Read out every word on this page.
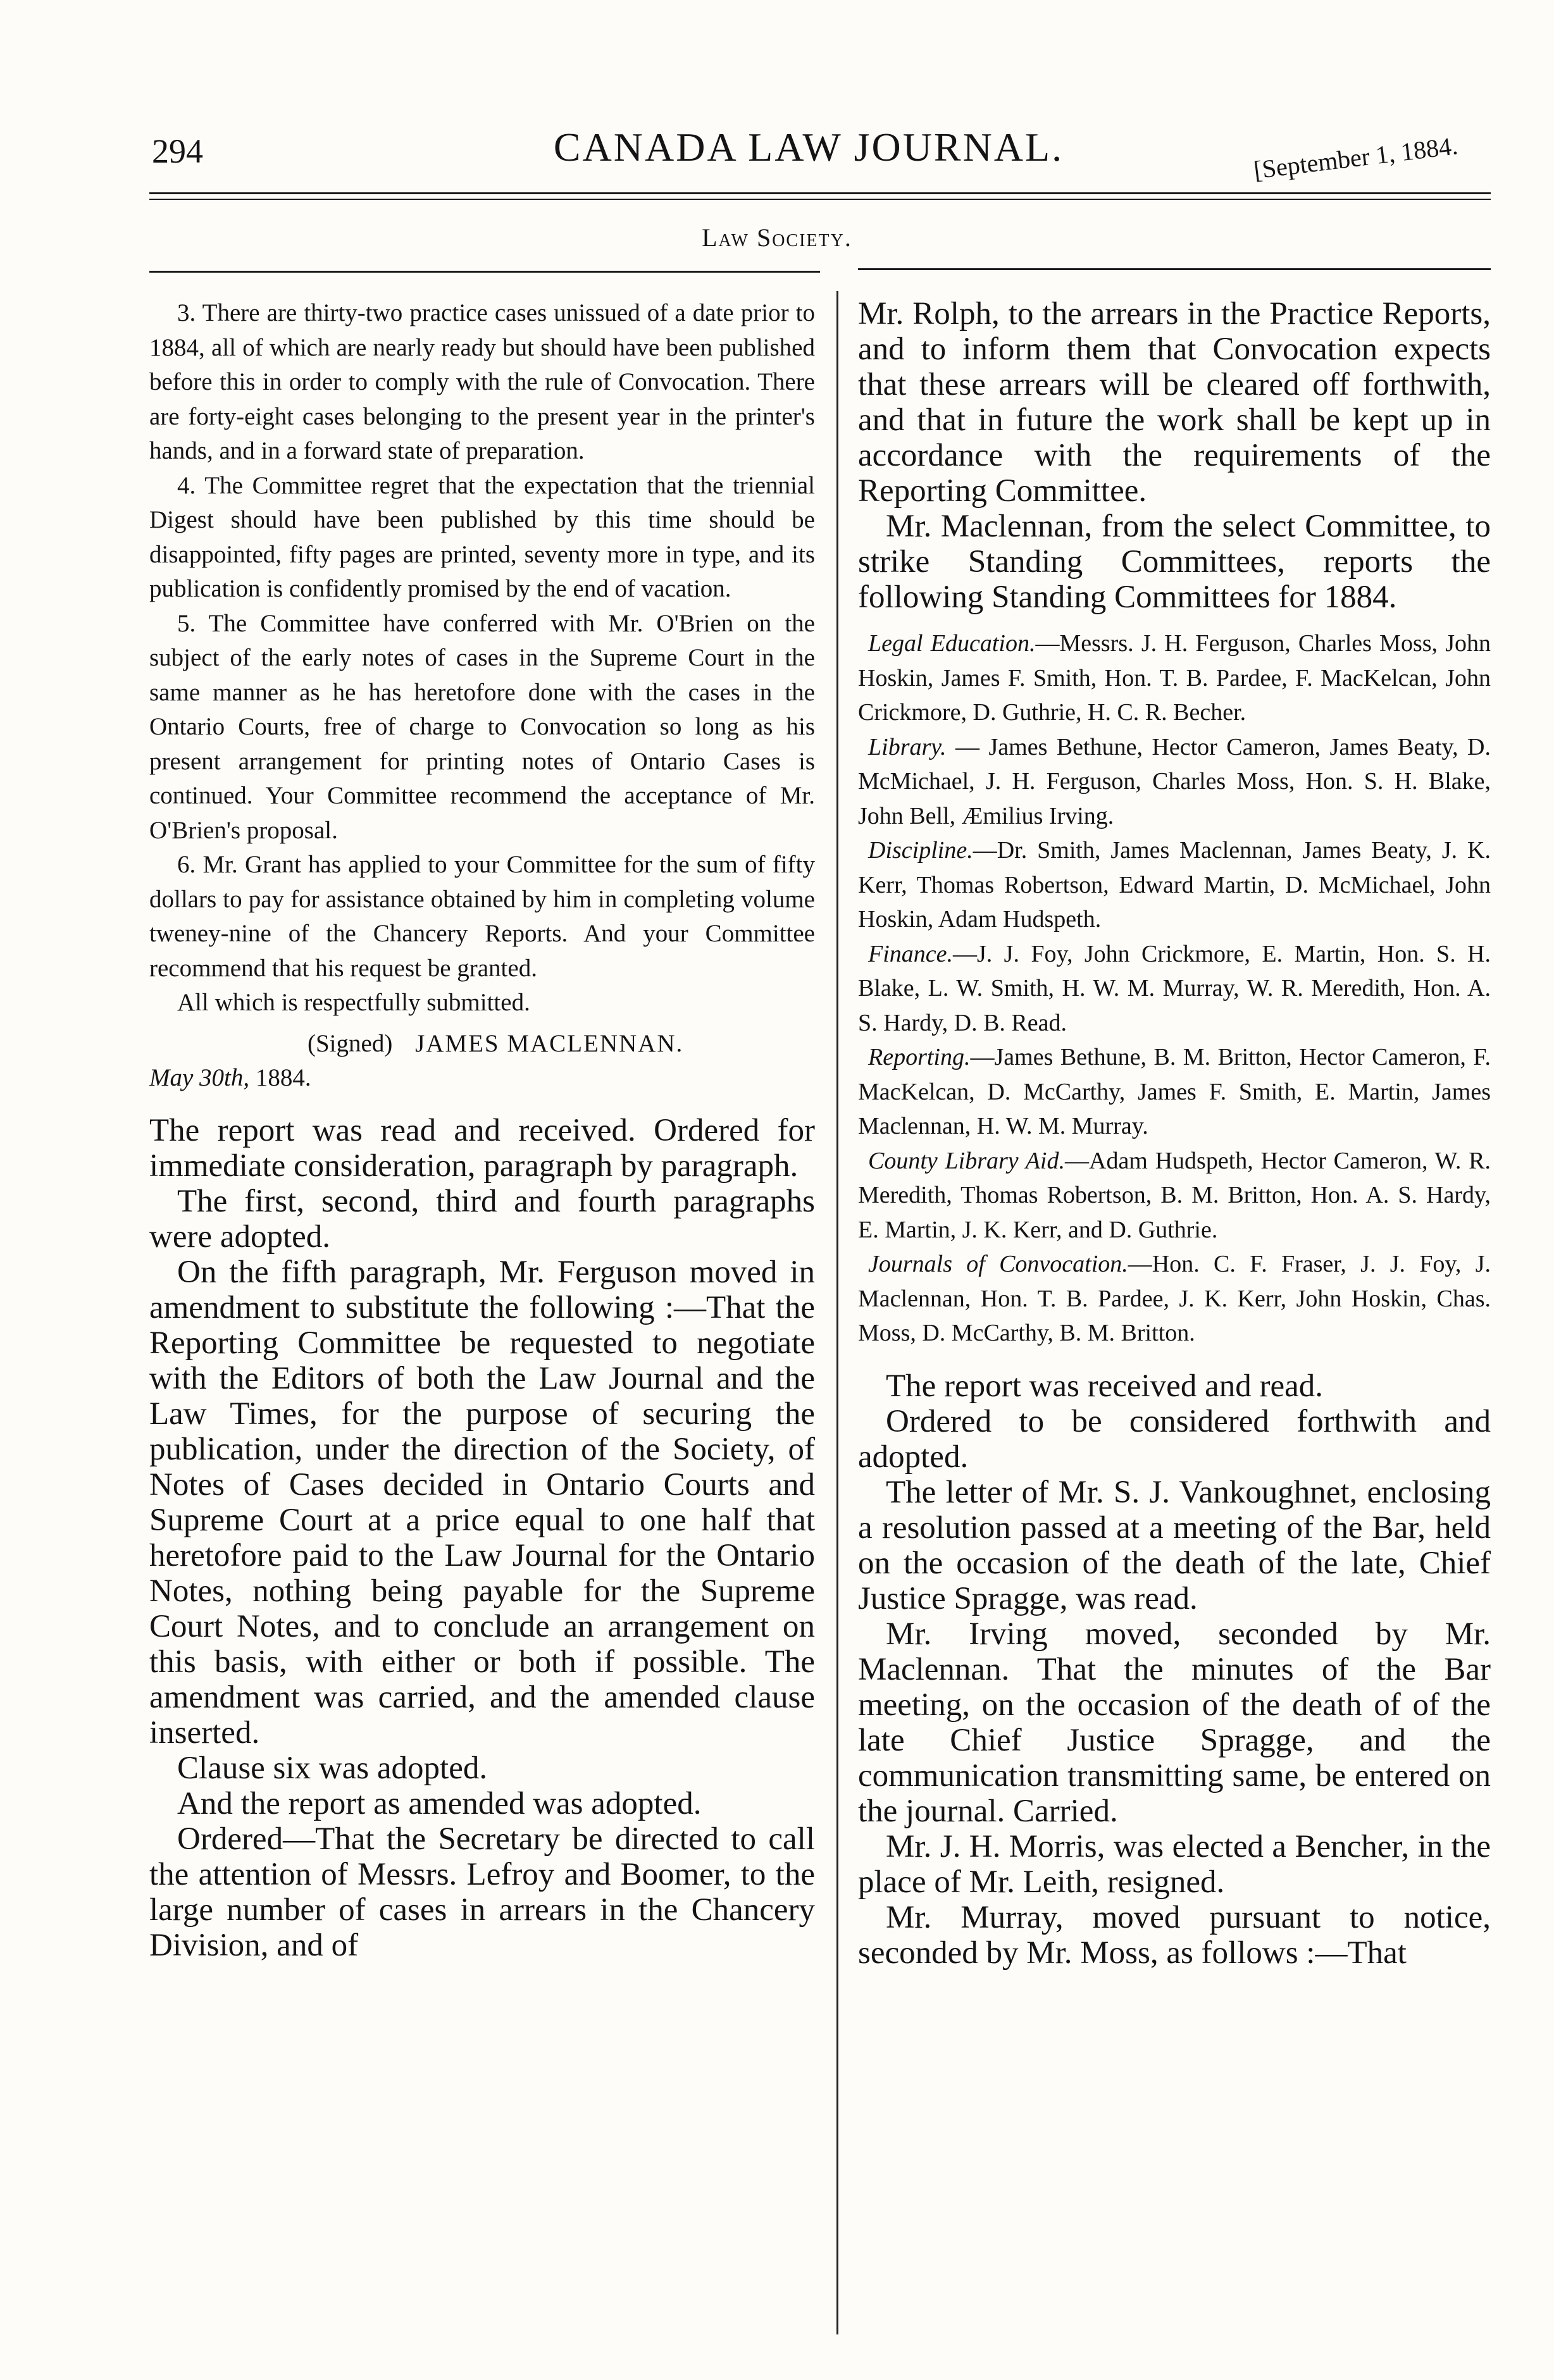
294	CANADA LAW JOURNAL.	[September 1, 1884.
Law Society.

3. There are thirty-two practice cases unissued of a date prior to 1884, all of which are nearly ready but should have been published before this in order to comply with the rule of Convocation. There are forty-eight cases belonging to the present year in the printer's hands, and in a forward state of preparation.

4. The Committee regret that the expectation that the triennial Digest should have been published by this time should be disappointed, fifty pages are printed, seventy more in type, and its publication is confidently promised by the end of vacation.

5. The Committee have conferred with Mr. O'Brien on the subject of the early notes of cases in the Supreme Court in the same manner as he has heretofore done with the cases in the Ontario Courts, free of charge to Convocation so long as his present arrangement for printing notes of Ontario Cases is continued. Your Committee recommend the acceptance of Mr. O'Brien's proposal.

6. Mr. Grant has applied to your Committee for the sum of fifty dollars to pay for assistance obtained by him in completing volume tweney-nine of the Chancery Reports. And your Committee recommend that his request be granted.

All which is respectfully submitted.

(Signed) JAMES MACLENNAN.
May 30th, 1884.

The report was read and received. Ordered for immediate consideration, paragraph by paragraph.

The first, second, third and fourth paragraphs were adopted.

On the fifth paragraph, Mr. Ferguson moved in amendment to substitute the following :—That the Reporting Committee be requested to negotiate with the Editors of both the Law Journal and the Law Times, for the purpose of securing the publication, under the direction of the Society, of Notes of Cases decided in Ontario Courts and Supreme Court at a price equal to one half that heretofore paid to the Law Journal for the Ontario Notes, nothing being payable for the Supreme Court Notes, and to conclude an arrangement on this basis, with either or both if possible. The amendment was carried, and the amended clause inserted.

Clause six was adopted.

And the report as amended was adopted.

Ordered—That the Secretary be directed to call the attention of Messrs. Lefroy and Boomer, to the large number of cases in arrears in the Chancery Division, and of

Mr. Rolph, to the arrears in the Practice Reports, and to inform them that Convocation expects that these arrears will be cleared off forthwith, and that in future the work shall be kept up in accordance with the requirements of the Reporting Committee.

Mr. Maclennan, from the select Committee, to strike Standing Committees, reports the following Standing Committees for 1884.

Legal Education.—Messrs. J. H. Ferguson, Charles Moss, John Hoskin, James F. Smith, Hon. T. B. Pardee, F. MacKelcan, John Crickmore, D. Guthrie, H. C. R. Becher.

Library. — James Bethune, Hector Cameron, James Beaty, D. McMichael, J. H. Ferguson, Charles Moss, Hon. S. H. Blake, John Bell, Æmilius Irving.

Discipline.—Dr. Smith, James Maclennan, James Beaty, J. K. Kerr, Thomas Robertson, Edward Martin, D. McMichael, John Hoskin, Adam Hudspeth.

Finance.—J. J. Foy, John Crickmore, E. Martin, Hon. S. H. Blake, L. W. Smith, H. W. M. Murray, W. R. Meredith, Hon. A. S. Hardy, D. B. Read.

Reporting.—James Bethune, B. M. Britton, Hector Cameron, F. MacKelcan, D. McCarthy, James F. Smith, E. Martin, James Maclennan, H. W. M. Murray.

County Library Aid.—Adam Hudspeth, Hector Cameron, W. R. Meredith, Thomas Robertson, B. M. Britton, Hon. A. S. Hardy, E. Martin, J. K. Kerr, and D. Guthrie.

Journals of Convocation.—Hon. C. F. Fraser, J. J. Foy, J. Maclennan, Hon. T. B. Pardee, J. K. Kerr, John Hoskin, Chas. Moss, D. McCarthy, B. M. Britton.

The report was received and read.

Ordered to be considered forthwith and adopted.

The letter of Mr. S. J. Vankoughnet, enclosing a resolution passed at a meeting of the Bar, held on the occasion of the death of the late, Chief Justice Spragge, was read.

Mr. Irving moved, seconded by Mr. Maclennan. That the minutes of the Bar meeting, on the occasion of the death of of the late Chief Justice Spragge, and the communication transmitting same, be entered on the journal. Carried.

Mr. J. H. Morris, was elected a Bencher, in the place of Mr. Leith, resigned.

Mr. Murray, moved pursuant to notice, seconded by Mr. Moss, as follows :—That
